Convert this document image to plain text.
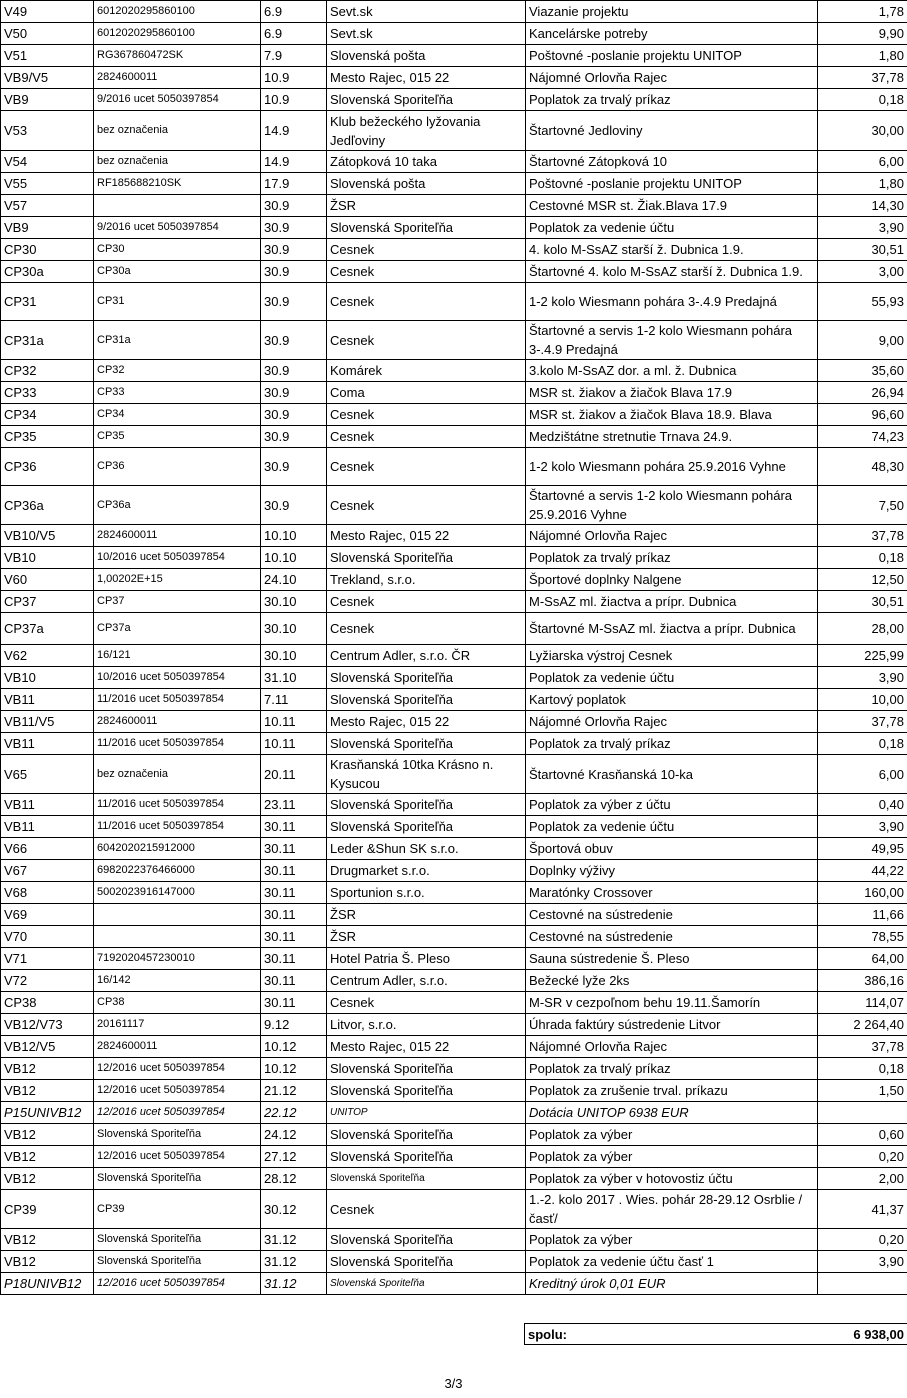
V49	6012020295860100	6.9	Sevt.sk	Viazanie projektu	1,78
V50	6012020295860100	6.9	Sevt.sk	Kancelárske potreby	9,90
V51	RG367860472SK	7.9	Slovenská pošta	Poštovné -poslanie projektu UNITOP	1,80
VB9/V5	2824600011	10.9	Mesto Rajec, 015 22	Nájomné Orlovňa Rajec	37,78
VB9	9/2016 ucet 5050397854	10.9	Slovenská Sporiteľňa	Poplatok za trvalý príkaz	0,18
V53	bez označenia	14.9	Klub bežeckého lyžovania Jedľoviny	Štartovné Jedloviny	30,00
V54	bez označenia	14.9	Zátopková 10 taka	Štartovné Zátopková 10	6,00
V55	RF185688210SK	17.9	Slovenská pošta	Poštovné -poslanie projektu UNITOP	1,80
V57		30.9	ŽSR	Cestovné MSR st. Žiak.Blava 17.9	14,30
VB9	9/2016 ucet 5050397854	30.9	Slovenská Sporiteľňa	Poplatok za vedenie účtu	3,90
CP30	CP30	30.9	Cesnek	4. kolo M-SsAZ starší ž. Dubnica 1.9.	30,51
CP30a	CP30a	30.9	Cesnek	Štartovné 4. kolo M-SsAZ starší ž. Dubnica 1.9.	3,00
CP31	CP31	30.9	Cesnek	1-2 kolo Wiesmann pohára 3-.4.9 Predajná	55,93
CP31a	CP31a	30.9	Cesnek	Štartovné a servis 1-2 kolo Wiesmann pohára 3-.4.9 Predajná	9,00
CP32	CP32	30.9	Komárek	3.kolo M-SsAZ dor. a ml. ž. Dubnica	35,60
CP33	CP33	30.9	Coma	MSR st. žiakov a žiačok Blava 17.9	26,94
CP34	CP34	30.9	Cesnek	MSR st. žiakov a žiačok Blava 18.9. Blava	96,60
CP35	CP35	30.9	Cesnek	Medzištátne stretnutie Trnava 24.9.	74,23
CP36	CP36	30.9	Cesnek	1-2 kolo Wiesmann pohára 25.9.2016 Vyhne	48,30
CP36a	CP36a	30.9	Cesnek	Štartovné a servis 1-2 kolo Wiesmann pohára 25.9.2016 Vyhne	7,50
VB10/V5	2824600011	10.10	Mesto Rajec, 015 22	Nájomné Orlovňa Rajec	37,78
VB10	10/2016 ucet 5050397854	10.10	Slovenská Sporiteľňa	Poplatok za trvalý príkaz	0,18
V60	1,00202E+15	24.10	Trekland, s.r.o.	Športové doplnky Nalgene	12,50
CP37	CP37	30.10	Cesnek	M-SsAZ ml. žiactva a prípr. Dubnica	30,51
CP37a	CP37a	30.10	Cesnek	Štartovné M-SsAZ ml. žiactva a prípr. Dubnica	28,00
V62	16/121	30.10	Centrum Adler, s.r.o. ČR	Lyžiarska výstroj Cesnek	225,99
VB10	10/2016 ucet 5050397854	31.10	Slovenská Sporiteľňa	Poplatok za vedenie účtu	3,90
VB11	11/2016 ucet 5050397854	7.11	Slovenská Sporiteľňa	Kartový poplatok	10,00
VB11/V5	2824600011	10.11	Mesto Rajec, 015 22	Nájomné Orlovňa Rajec	37,78
VB11	11/2016 ucet 5050397854	10.11	Slovenská Sporiteľňa	Poplatok za trvalý príkaz	0,18
V65	bez označenia	20.11	Krasňanská 10tka Krásno n. Kysucou	Štartovné Krasňanská 10-ka	6,00
VB11	11/2016 ucet 5050397854	23.11	Slovenská Sporiteľňa	Poplatok za výber z účtu	0,40
VB11	11/2016 ucet 5050397854	30.11	Slovenská Sporiteľňa	Poplatok za vedenie účtu	3,90
V66	6042020215912000	30.11	Leder &Shun SK s.r.o.	Športová obuv	49,95
V67	6982022376466000	30.11	Drugmarket s.r.o.	Doplnky výživy	44,22
V68	5002023916147000	30.11	Sportunion s.r.o.	Maratónky Crossover	160,00
V69		30.11	ŽSR	Cestovné na sústredenie	11,66
V70		30.11	ŽSR	Cestovné na sústredenie	78,55
V71	7192020457230010	30.11	Hotel Patria Š. Pleso	Sauna sústredenie Š. Pleso	64,00
V72	16/142	30.11	Centrum Adler, s.r.o.	Bežecké lyže 2ks	386,16
CP38	CP38	30.11	Cesnek	M-SR v cezpoľnom behu 19.11.Šamorín	114,07
VB12/V73	20161117	9.12	Litvor, s.r.o.	Úhrada faktúry sústredenie Litvor	2 264,40
VB12/V5	2824600011	10.12	Mesto Rajec, 015 22	Nájomné Orlovňa Rajec	37,78
VB12	12/2016 ucet 5050397854	10.12	Slovenská Sporiteľňa	Poplatok za trvalý príkaz	0,18
VB12	12/2016 ucet 5050397854	21.12	Slovenská Sporiteľňa	Poplatok za zrušenie trval. príkazu	1,50
P15UNIVB12	12/2016 ucet 5050397854	22.12	UNITOP	Dotácia UNITOP 6938 EUR	
VB12	Slovenská Sporiteľňa	24.12	Slovenská Sporiteľňa	Poplatok za výber	0,60
VB12	12/2016 ucet 5050397854	27.12	Slovenská Sporiteľňa	Poplatok za výber	0,20
VB12	Slovenská Sporiteľňa	28.12	Slovenská Sporiteľňa	Poplatok za výber v hotovostiz účtu	2,00
CP39	CP39	30.12	Cesnek	1.-2. kolo 2017 . Wies. pohár 28-29.12 Osrblie /časť/	41,37
VB12	Slovenská Sporiteľňa	31.12	Slovenská Sporiteľňa	Poplatok za výber	0,20
VB12	Slovenská Sporiteľňa	31.12	Slovenská Sporiteľňa	Poplatok za vedenie účtu časť 1	3,90
P18UNIVB12	12/2016 ucet 5050397854	31.12	Slovenská Sporiteľňa	Kreditný úrok 0,01 EUR	
spolu:	6 938,00
3/3
